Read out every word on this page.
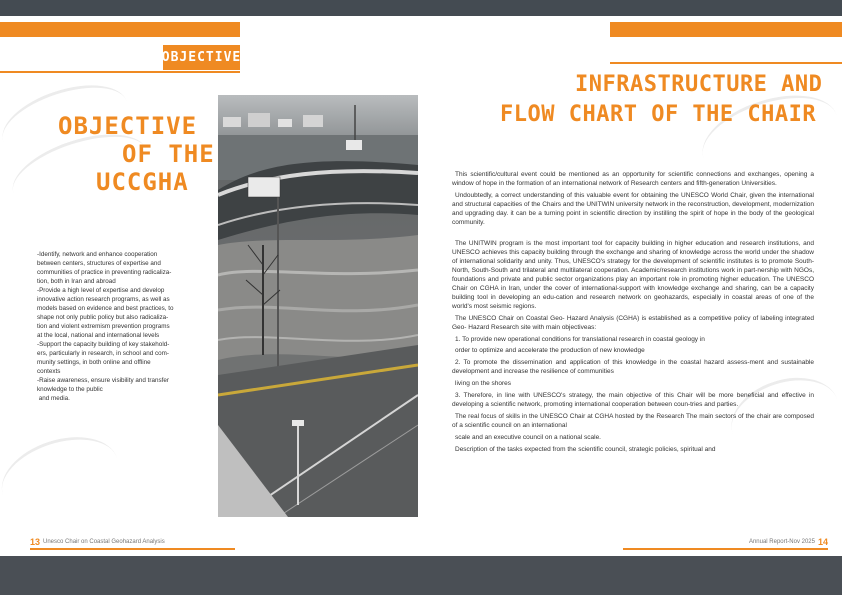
OBJECTIVE
OBJECTIVE
OF THE
UCCGHA

-Identify, network and enhance cooperation

between centers, structures of expertise and

communities of practice in preventing radicaliza-

tion, both in Iran and abroad

-Provide a high level of expertise and develop

innovative action research programs, as well as

models based on evidence and best practices, to

shape not only public policy but also radicaliza-

tion and violent extremism prevention programs

at the local, national and international levels

-Support the capacity building of key stakehold-

ers, particularly in research, in school and com-

munity settings, in both online and offline

contexts

-Raise awareness, ensure visibility and transfer

knowledge to the public

and media.

INFRASTRUCTURE AND
FLOW CHART OF THE CHAIR

This scientific/cultural event could be mentioned as an opportunity for scientific connections and exchanges, opening a window of hope in the formation of an international network of Research centers and fifth-generation Universities.

Undoubtedly, a correct understanding of this valuable event for obtaining the UNESCO World Chair, given the international and structural capacities of the Chairs and the UNITWIN university network in the reconstruction, development, modernization and upgrading day. it can be a turning point in scientific direction by instilling the spirit of hope in the body of the geological community.

The UNITWIN program is the most important tool for capacity building in higher education and research institutions, and UNESCO achieves this capacity building through the exchange and sharing of knowledge across the world under the shadow of international solidarity and unity. Thus, UNESCO's strategy for the development of scientific institutes is to promote South-North, South-South and trilateral and multilateral cooperation. Academic/research institutions work in part-nership with NGOs, foundations and private and public sector organizations play an important role in promoting higher education. The UNESCO Chair on CGHA in Iran, under the cover of international-support with knowledge exchange and sharing, can be a capacity building tool in developing an edu-cation and research network on geohazards, especially in coastal areas of one of the world's most seismic regions.

The UNESCO Chair on Coastal Geo- Hazard Analysis (CGHA) is established as a competitive policy of labeling integrated Geo- Hazard Research site with main objectiveas:

1. To provide new operational conditions for translational research in coastal geology in

order to optimize and accelerate the production of new knowledge

2. To promote the dissemination and application of this knowledge in the coastal hazard assess-ment and sustainable development and increase the resilience of communities

living on the shores

3. Therefore, in line with UNESCO's strategy, the main objective of this Chair will be more beneficial and effective in developing a scientific network, promoting international cooperation between coun-tries and parties.

The real focus of skills in the UNESCO Chair at CGHA hosted by the Research The main sectors of the chair are composed of a scientific council on an international

scale and an executive council on a national scale.

Description of the tasks expected from the scientific council, strategic policies, spiritual and

13 Unesco Chair on Coastal Geohazard Analysis	Annual Report-Nov 2025 14
